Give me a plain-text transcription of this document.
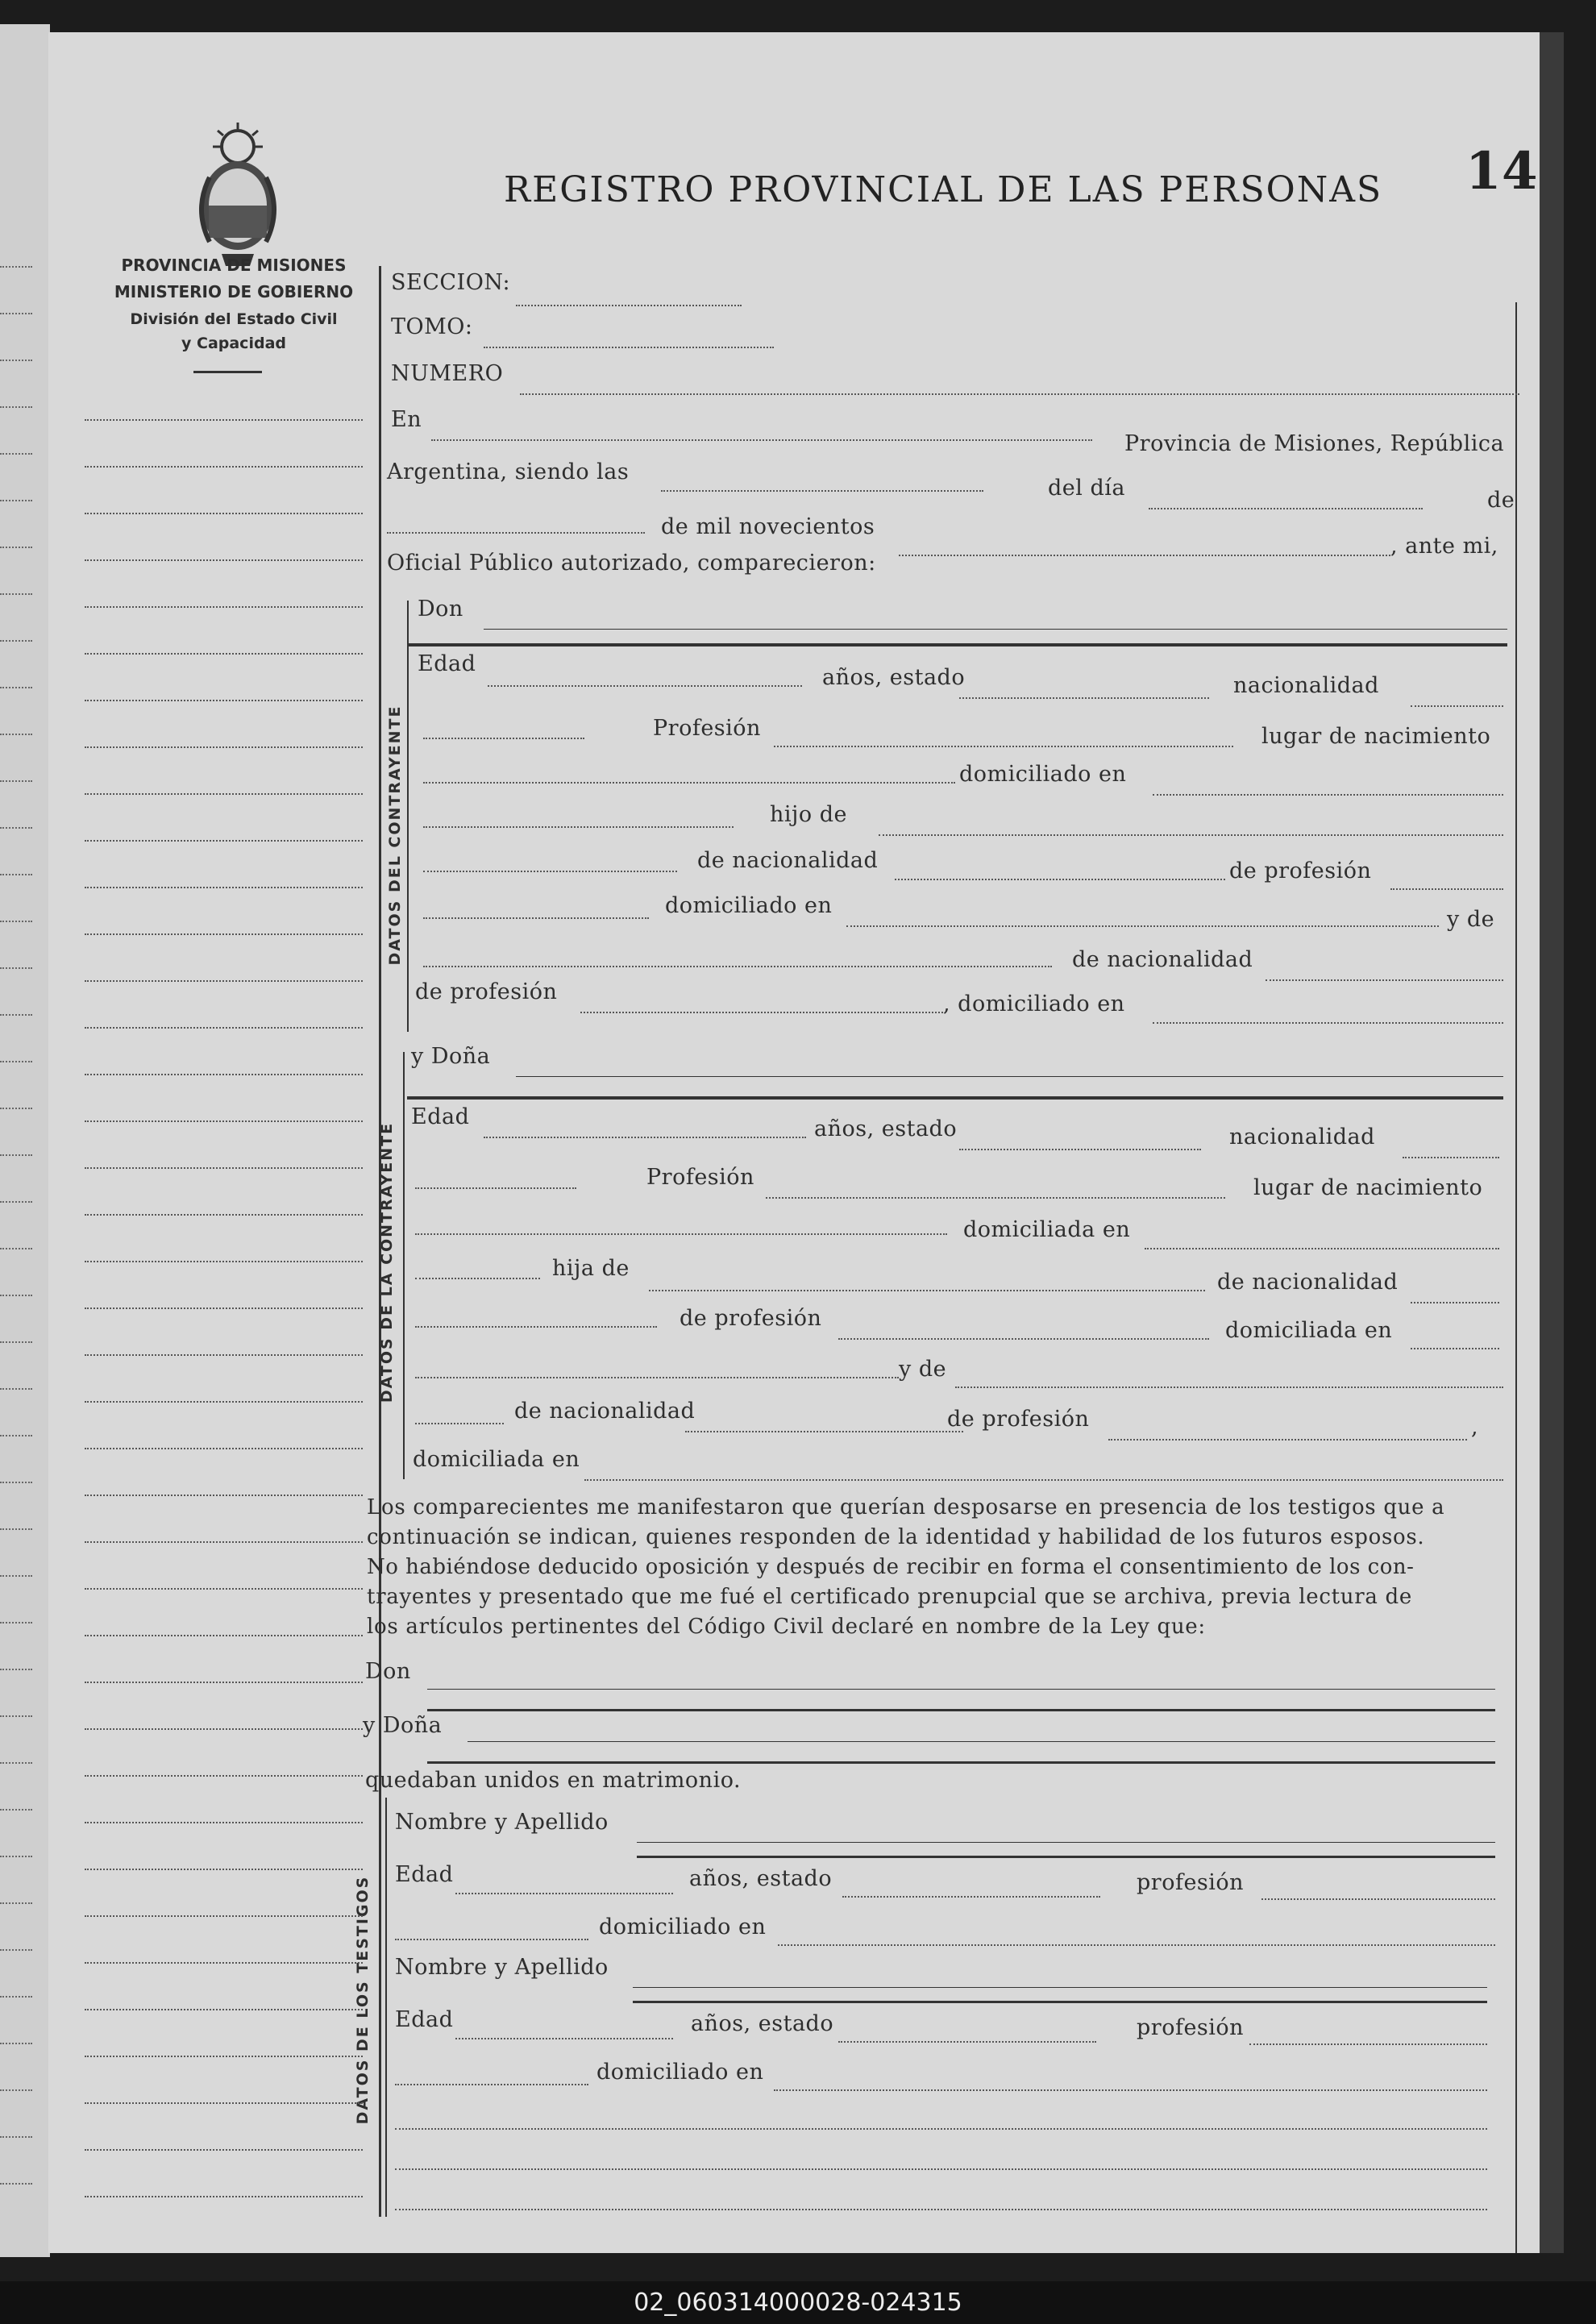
PROVINCIA DE MISIONES
MINISTERIO DE GOBIERNO
División del Estado Civil
y Capacidad
REGISTRO PROVINCIAL DE LAS PERSONAS 14
SECCION:
TOMO:
NUMERO
En
Provincia de Misiones, República
Argentina, siendo las
del día	de
de mil novecientos
, ante mi,
Oficial Público autorizado, comparecieron:
DATOS DEL CONTRAYENTE
Don
Edad
años, estado	nacionalidad
Profesión	lugar de nacimiento
domiciliado en
hijo de
de nacionalidad	de profesión
domiciliado en
y de
de nacionalidad
de profesión	, domiciliado en
DATOS DE LA CONTRAYENTE
y Doña
Edad	años, estado	nacionalidad
Profesión	lugar de nacimiento
domiciliada en
hija de
de nacionalidad
de profesión	domiciliada en
y de
de nacionalidad	de profesión	,
domiciliada en
Los comparecientes me manifestaron que querían desposarse en presencia de los testigos que a
continuación se indican, quienes responden de la identidad y habilidad de los futuros esposos.
No habiéndose deducido oposición y después de recibir en forma el consentimiento de los con-
trayentes y presentado que me fué el certificado prenupcial que se archiva, previa lectura de
los artículos pertinentes del Código Civil declaré en nombre de la Ley que:
Don
y Doña
quedaban unidos en matrimonio.
DATOS DE LOS TESTIGOS
Nombre y Apellido
Edad	años, estado	profesión
domiciliado en
Nombre y Apellido
Edad	años, estado	profesión
domiciliado en
02_060314000028-024315
